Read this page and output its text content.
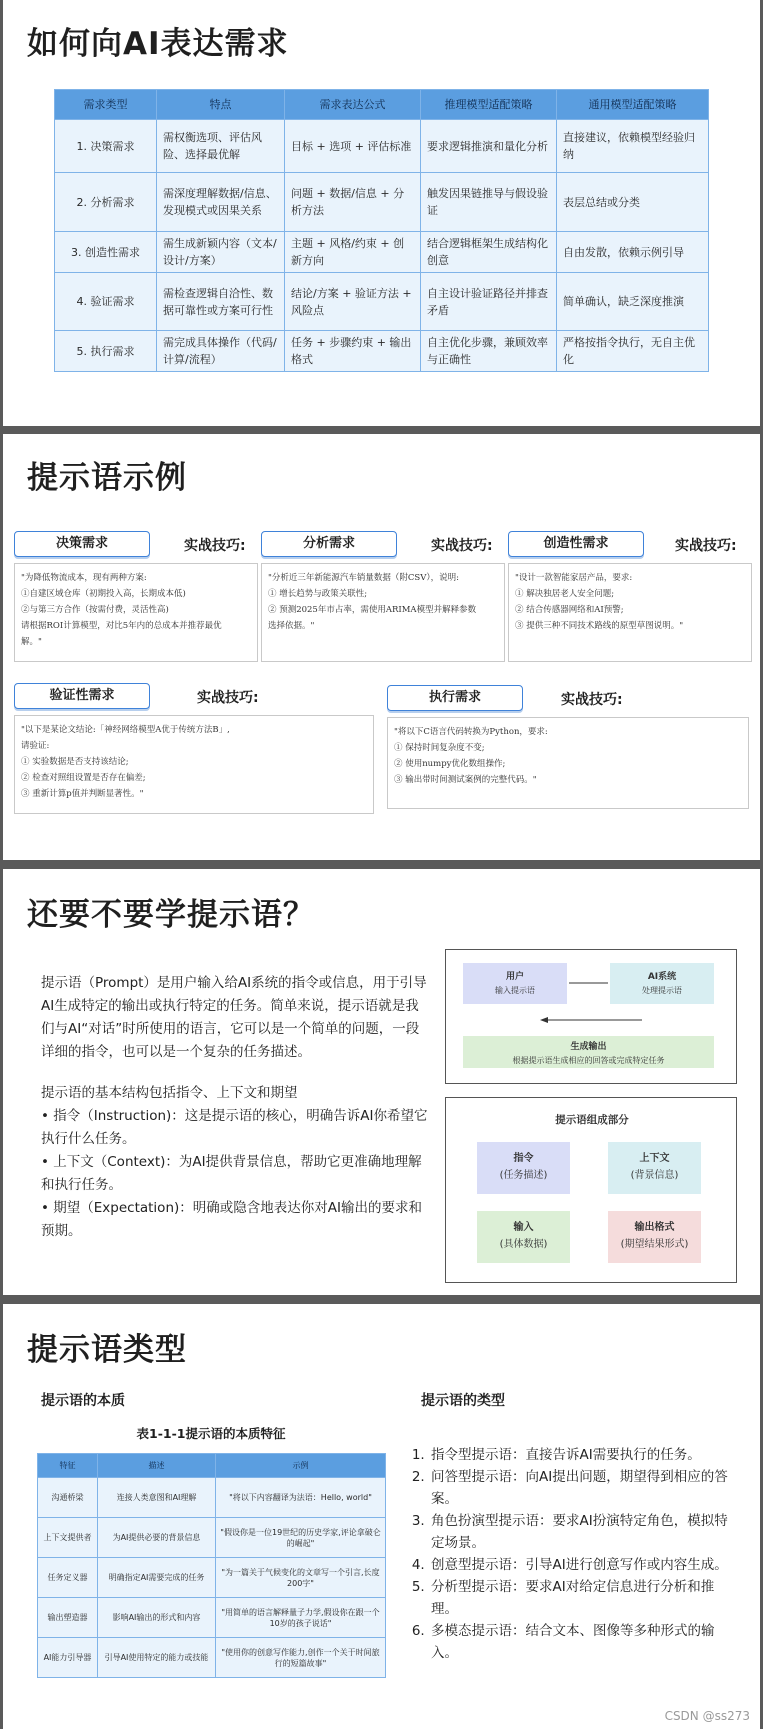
如何向AI表达需求
需求类型	特点	需求表达公式	推理模型适配策略	通用模型适配策略
1. 决策需求	需权衡选项、评估风险、选择最优解	目标 + 选项 + 评估标准	要求逻辑推演和量化分析	直接建议，依赖模型经验归纳
2. 分析需求	需深度理解数据/信息、发现模式或因果关系	问题 + 数据/信息 + 分析方法	触发因果链推导与假设验证	表层总结或分类
3. 创造性需求	需生成新颖内容（文本/设计/方案）	主题 + 风格/约束 + 创新方向	结合逻辑框架生成结构化创意	自由发散，依赖示例引导
4. 验证需求	需检查逻辑自洽性、数据可靠性或方案可行性	结论/方案 + 验证方法 + 风险点	自主设计验证路径并排查矛盾	简单确认，缺乏深度推演
5. 执行需求	需完成具体操作（代码/计算/流程）	任务 + 步骤约束 + 输出格式	自主优化步骤，兼顾效率与正确性	严格按指令执行，无自主优化
提示语示例
决策需求	实战技巧:
"为降低物流成本，现有两种方案:
①自建区域仓库（初期投入高，长期成本低)
②与第三方合作（按需付费，灵活性高)
请根据ROI计算模型，对比5年内的总成本并推荐最优
解。"
分析需求	实战技巧:
"分析近三年新能源汽车销量数据（附CSV），说明:
① 增长趋势与政策关联性;
② 预测2025年市占率，需使用ARIMA模型并解释参数
选择依据。"
创造性需求	实战技巧:
"设计一款智能家居产品，要求:
① 解决独居老人安全问题;
② 结合传感器网络和AI预警;
③ 提供三种不同技术路线的原型草图说明。"
验证性需求	实战技巧:
"以下是某论文结论:「神经网络模型A优于传统方法B」,
请验证:
① 实验数据是否支持该结论;
② 检查对照组设置是否存在偏差;
③ 重新计算p值并判断显著性。"
执行需求	实战技巧:
"将以下C语言代码转换为Python，要求:
① 保持时间复杂度不变;
② 使用numpy优化数组操作;
③ 输出带时间测试案例的完整代码。"
还要不要学提示语？
提示语（Prompt）是用户输入给AI系统的指令或信息，用于引导AI生成特定的输出或执行特定的任务。简单来说，提示语就是我们与AI“对话”时所使用的语言，它可以是一个简单的问题，一段详细的指令，也可以是一个复杂的任务描述。
提示语的基本结构包括指令、上下文和期望
• 指令（Instruction)：这是提示语的核心，明确告诉AI你希望它执行什么任务。
• 上下文（Context)：为AI提供背景信息，帮助它更准确地理解和执行任务。
• 期望（Expectation)：明确或隐含地表达你对AI输出的要求和预期。
用户
输入提示语
AI系统
处理提示语
生成输出
根据提示语生成相应的回答或完成特定任务
提示语组成部分
指令
(任务描述)
上下文
(背景信息)
输入
(具体数据)
输出格式
(期望结果形式)
提示语类型
提示语的本质
表1-1-1提示语的本质特征
特征	描述	示例
沟通桥梁	连接人类意图和AI理解	"将以下内容翻译为法语：Hello, world"
上下文提供者	为AI提供必要的背景信息	"假设你是一位19世纪的历史学家,评论拿破仑的崛起"
任务定义器	明确指定AI需要完成的任务	"为一篇关于气候变化的文章写一个引言,长度200字"
输出塑造器	影响AI输出的形式和内容	"用简单的语言解释量子力学,假设你在跟一个10岁的孩子说话"
AI能力引导器	引导AI使用特定的能力或技能	"使用你的创意写作能力,创作一个关于时间旅行的短篇故事"
提示语的类型
1. 指令型提示语：直接告诉AI需要执行的任务。
2. 问答型提示语：向AI提出问题，期望得到相应的答案。
3. 角色扮演型提示语：要求AI扮演特定角色，模拟特定场景。
4. 创意型提示语：引导AI进行创意写作或内容生成。
5. 分析型提示语：要求AI对给定信息进行分析和推理。
6. 多模态提示语：结合文本、图像等多种形式的输入。
CSDN @ss273
